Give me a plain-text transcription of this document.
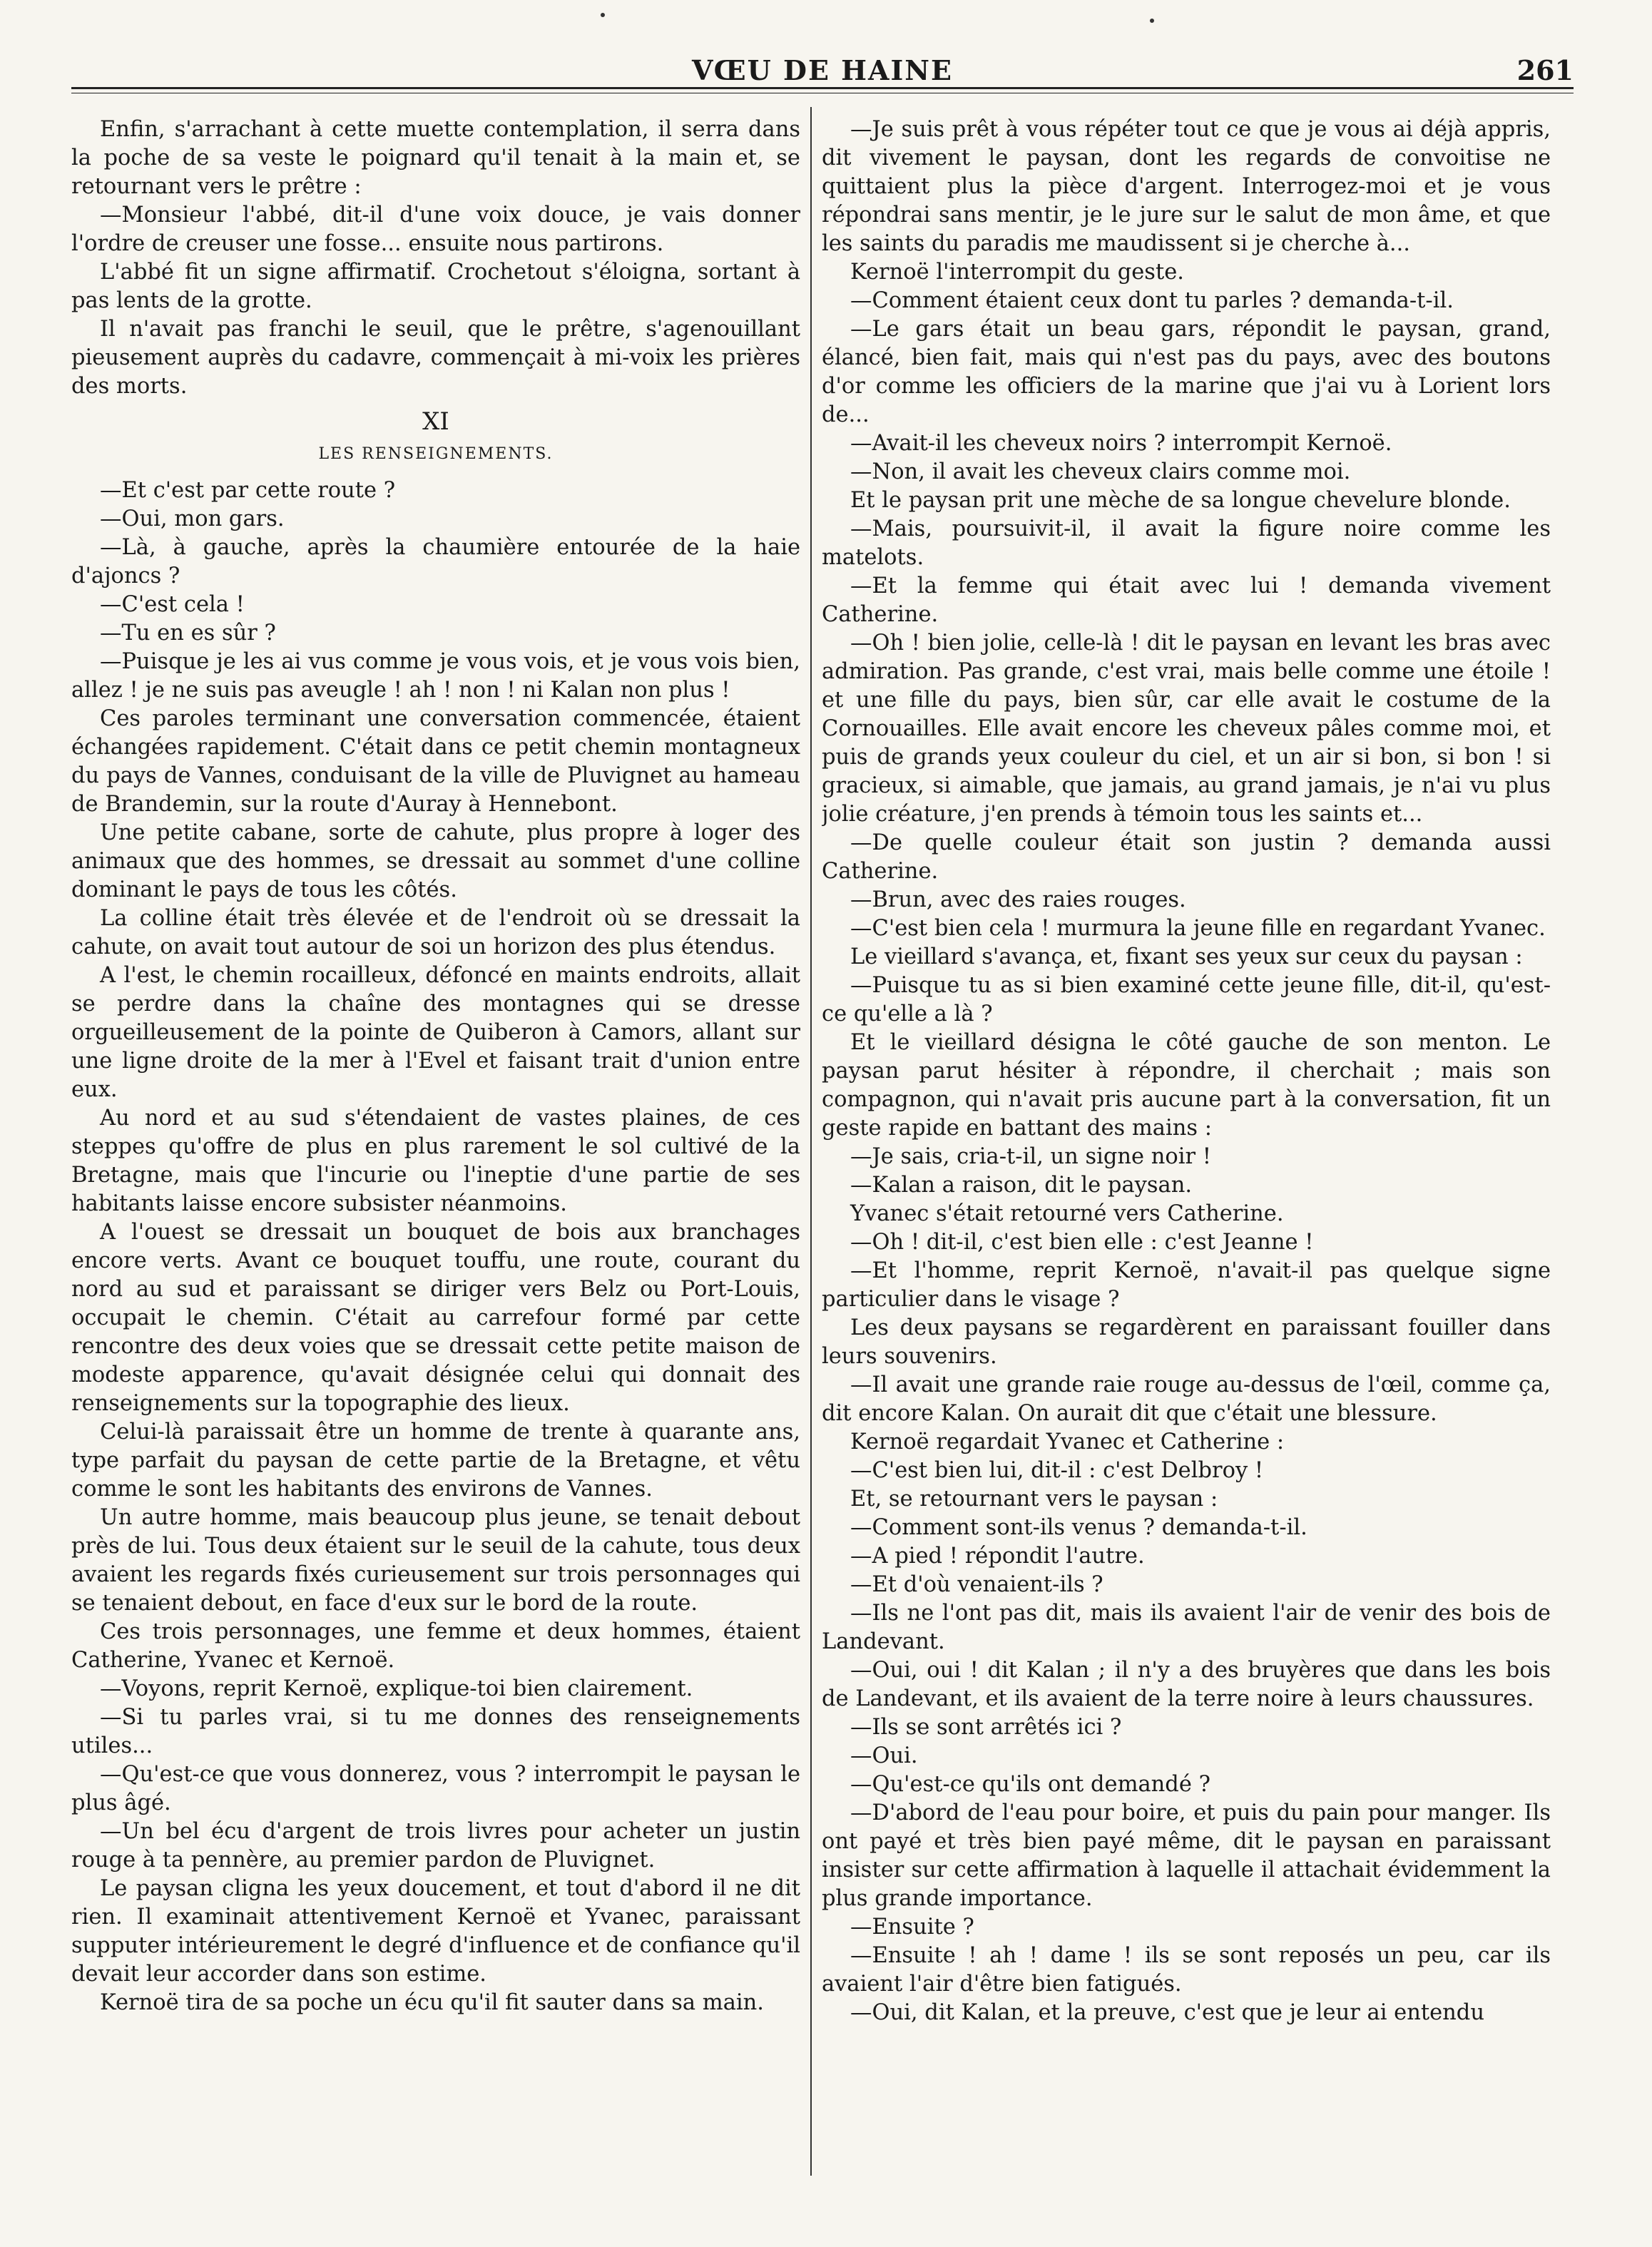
VŒU DE HAINE	261

Enfin, s'arrachant à cette muette contemplation, il serra dans la poche de sa veste le poignard qu'il tenait à la main et, se retournant vers le prêtre :

—Monsieur l'abbé, dit-il d'une voix douce, je vais donner l'ordre de creuser une fosse... ensuite nous partirons.

L'abbé fit un signe affirmatif. Crochetout s'éloigna, sortant à pas lents de la grotte.

Il n'avait pas franchi le seuil, que le prêtre, s'agenouillant pieusement auprès du cadavre, commençait à mi-voix les prières des morts.

XI
LES RENSEIGNEMENTS.

—Et c'est par cette route ?

—Oui, mon gars.

—Là, à gauche, après la chaumière entourée de la haie d'ajoncs ?

—C'est cela !

—Tu en es sûr ?

—Puisque je les ai vus comme je vous vois, et je vous vois bien, allez ! je ne suis pas aveugle ! ah ! non ! ni Kalan non plus !

Ces paroles terminant une conversation commencée, étaient échangées rapidement. C'était dans ce petit chemin montagneux du pays de Vannes, conduisant de la ville de Pluvignet au hameau de Brandemin, sur la route d'Auray à Hennebont.

Une petite cabane, sorte de cahute, plus propre à loger des animaux que des hommes, se dressait au sommet d'une colline dominant le pays de tous les côtés.

La colline était très élevée et de l'endroit où se dressait la cahute, on avait tout autour de soi un horizon des plus étendus.

A l'est, le chemin rocailleux, défoncé en maints endroits, allait se perdre dans la chaîne des montagnes qui se dresse orgueilleusement de la pointe de Quiberon à Camors, allant sur une ligne droite de la mer à l'Evel et faisant trait d'union entre eux.

Au nord et au sud s'étendaient de vastes plaines, de ces steppes qu'offre de plus en plus rarement le sol cultivé de la Bretagne, mais que l'incurie ou l'ineptie d'une partie de ses habitants laisse encore subsister néanmoins.

A l'ouest se dressait un bouquet de bois aux branchages encore verts. Avant ce bouquet touffu, une route, courant du nord au sud et paraissant se diriger vers Belz ou Port-Louis, occupait le chemin. C'était au carrefour formé par cette rencontre des deux voies que se dressait cette petite maison de modeste apparence, qu'avait désignée celui qui donnait des renseignements sur la topographie des lieux.

Celui-là paraissait être un homme de trente à quarante ans, type parfait du paysan de cette partie de la Bretagne, et vêtu comme le sont les habitants des environs de Vannes.

Un autre homme, mais beaucoup plus jeune, se tenait debout près de lui. Tous deux étaient sur le seuil de la cahute, tous deux avaient les regards fixés curieusement sur trois personnages qui se tenaient debout, en face d'eux sur le bord de la route.

Ces trois personnages, une femme et deux hommes, étaient Catherine, Yvanec et Kernoë.

—Voyons, reprit Kernoë, explique-toi bien clairement.

—Si tu parles vrai, si tu me donnes des renseignements utiles...

—Qu'est-ce que vous donnerez, vous ? interrompit le paysan le plus âgé.

—Un bel écu d'argent de trois livres pour acheter un justin rouge à ta pennère, au premier pardon de Pluvignet.

Le paysan cligna les yeux doucement, et tout d'abord il ne dit rien. Il examinait attentivement Kernoë et Yvanec, paraissant supputer intérieurement le degré d'influence et de confiance qu'il devait leur accorder dans son estime.

Kernoë tira de sa poche un écu qu'il fit sauter dans sa main.

—Je suis prêt à vous répéter tout ce que je vous ai déjà appris, dit vivement le paysan, dont les regards de convoitise ne quittaient plus la pièce d'argent. Interrogez-moi et je vous répondrai sans mentir, je le jure sur le salut de mon âme, et que les saints du paradis me maudissent si je cherche à...

Kernoë l'interrompit du geste.

—Comment étaient ceux dont tu parles ? demanda-t-il.

—Le gars était un beau gars, répondit le paysan, grand, élancé, bien fait, mais qui n'est pas du pays, avec des boutons d'or comme les officiers de la marine que j'ai vu à Lorient lors de...

—Avait-il les cheveux noirs ? interrompit Kernoë.

—Non, il avait les cheveux clairs comme moi.

Et le paysan prit une mèche de sa longue chevelure blonde.

—Mais, poursuivit-il, il avait la figure noire comme les matelots.

—Et la femme qui était avec lui ! demanda vivement Catherine.

—Oh ! bien jolie, celle-là ! dit le paysan en levant les bras avec admiration. Pas grande, c'est vrai, mais belle comme une étoile ! et une fille du pays, bien sûr, car elle avait le costume de la Cornouailles. Elle avait encore les cheveux pâles comme moi, et puis de grands yeux couleur du ciel, et un air si bon, si bon ! si gracieux, si aimable, que jamais, au grand jamais, je n'ai vu plus jolie créature, j'en prends à témoin tous les saints et...

—De quelle couleur était son justin ? demanda aussi Catherine.

—Brun, avec des raies rouges.

—C'est bien cela ! murmura la jeune fille en regardant Yvanec.

Le vieillard s'avança, et, fixant ses yeux sur ceux du paysan :

—Puisque tu as si bien examiné cette jeune fille, dit-il, qu'est-ce qu'elle a là ?

Et le vieillard désigna le côté gauche de son menton. Le paysan parut hésiter à répondre, il cherchait ; mais son compagnon, qui n'avait pris aucune part à la conversation, fit un geste rapide en battant des mains :

—Je sais, cria-t-il, un signe noir !

—Kalan a raison, dit le paysan.

Yvanec s'était retourné vers Catherine.

—Oh ! dit-il, c'est bien elle : c'est Jeanne !

—Et l'homme, reprit Kernoë, n'avait-il pas quelque signe particulier dans le visage ?

Les deux paysans se regardèrent en paraissant fouiller dans leurs souvenirs.

—Il avait une grande raie rouge au-dessus de l'œil, comme ça, dit encore Kalan. On aurait dit que c'était une blessure.

Kernoë regardait Yvanec et Catherine :

—C'est bien lui, dit-il : c'est Delbroy !

Et, se retournant vers le paysan :

—Comment sont-ils venus ? demanda-t-il.

—A pied ! répondit l'autre.

—Et d'où venaient-ils ?

—Ils ne l'ont pas dit, mais ils avaient l'air de venir des bois de Landevant.

—Oui, oui ! dit Kalan ; il n'y a des bruyères que dans les bois de Landevant, et ils avaient de la terre noire à leurs chaussures.

—Ils se sont arrêtés ici ?

—Oui.

—Qu'est-ce qu'ils ont demandé ?

—D'abord de l'eau pour boire, et puis du pain pour manger. Ils ont payé et très bien payé même, dit le paysan en paraissant insister sur cette affirmation à laquelle il attachait évidemment la plus grande importance.

—Ensuite ?

—Ensuite ! ah ! dame ! ils se sont reposés un peu, car ils avaient l'air d'être bien fatigués.

—Oui, dit Kalan, et la preuve, c'est que je leur ai entendu
